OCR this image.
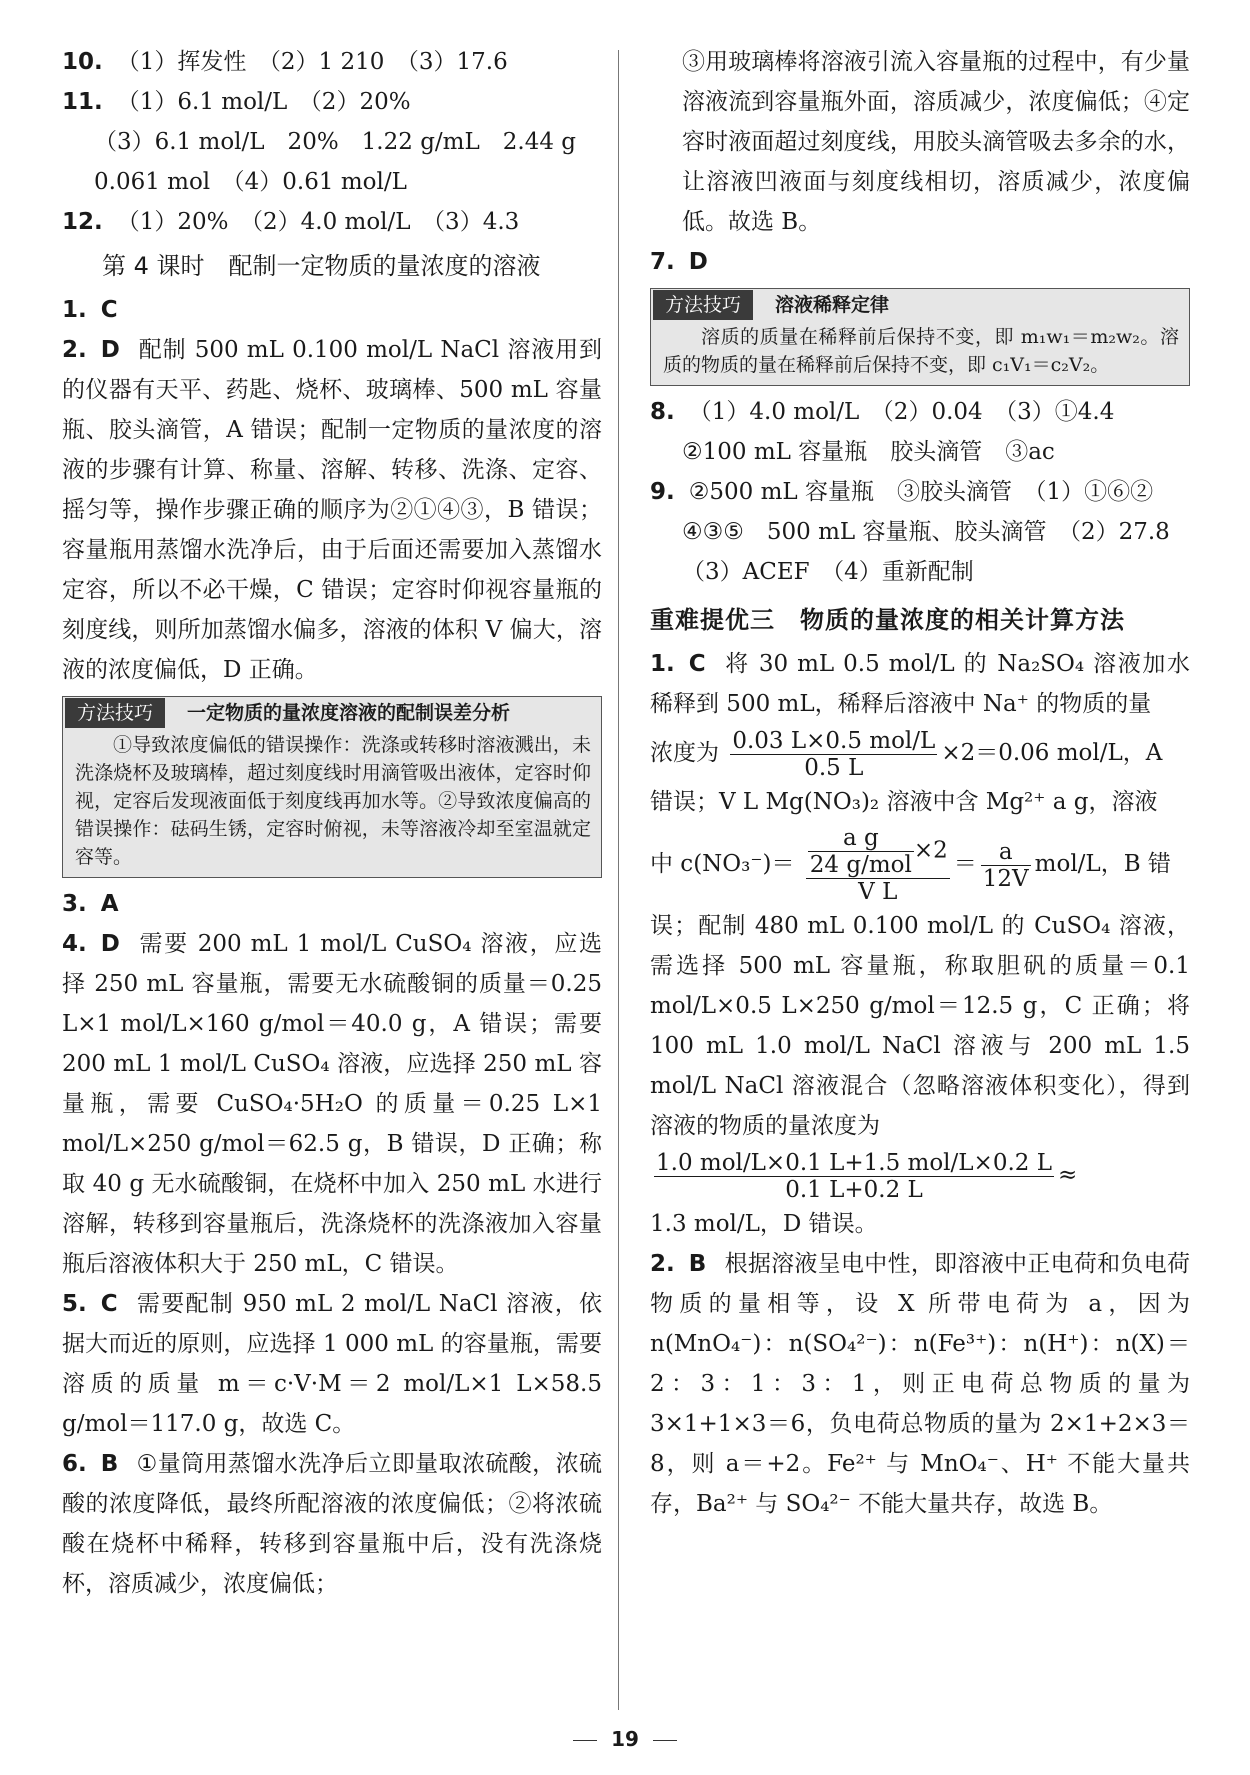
10. （1）挥发性　（2）1 210　（3）17.6

11. （1）6.1 mol/L　（2）20%

（3）6.1 mol/L　20%　1.22 g/mL　2.44 g

0.061 mol　（4）0.61 mol/L

12. （1）20%　（2）4.0 mol/L　（3）4.3

第 4 课时　配制一定物质的量浓度的溶液

1. C

2. D 配制 500 mL 0.100 mol/L NaCl 溶液用到的仪器有天平、药匙、烧杯、玻璃棒、500 mL 容量瓶、胶头滴管，A 错误；配制一定物质的量浓度的溶液的步骤有计算、称量、溶解、转移、洗涤、定容、摇匀等，操作步骤正确的顺序为②①④③，B 错误；容量瓶用蒸馏水洗净后，由于后面还需要加入蒸馏水定容，所以不必干燥，C 错误；定容时仰视容量瓶的刻度线，则所加蒸馏水偏多，溶液的体积 V 偏大，溶液的浓度偏低，D 正确。

方法技巧	一定物质的量浓度溶液的配制误差分析
①导致浓度偏低的错误操作：洗涤或转移时溶液溅出，未洗涤烧杯及玻璃棒，超过刻度线时用滴管吸出液体，定容时仰视，定容后发现液面低于刻度线再加水等。②导致浓度偏高的错误操作：砝码生锈，定容时俯视，未等溶液冷却至室温就定容等。

3. A

4. D 需要 200 mL 1 mol/L CuSO₄ 溶液，应选择 250 mL 容量瓶，需要无水硫酸铜的质量＝0.25 L×1 mol/L×160 g/mol＝40.0 g，A 错误；需要 200 mL 1 mol/L CuSO₄ 溶液，应选择 250 mL 容量瓶，需要 CuSO₄·5H₂O 的质量＝0.25 L×1 mol/L×250 g/mol＝62.5 g，B 错误，D 正确；称取 40 g 无水硫酸铜，在烧杯中加入 250 mL 水进行溶解，转移到容量瓶后，洗涤烧杯的洗涤液加入容量瓶后溶液体积大于 250 mL，C 错误。

5. C 需要配制 950 mL 2 mol/L NaCl 溶液，依据大而近的原则，应选择 1 000 mL 的容量瓶，需要溶质的质量 m＝c·V·M＝2 mol/L×1 L×58.5 g/mol＝117.0 g，故选 C。

6. B ①量筒用蒸馏水洗净后立即量取浓硫酸，浓硫酸的浓度降低，最终所配溶液的浓度偏低；②将浓硫酸在烧杯中稀释，转移到容量瓶中后，没有洗涤烧杯，溶质减少，浓度偏低；

③用玻璃棒将溶液引流入容量瓶的过程中，有少量溶液流到容量瓶外面，溶质减少，浓度偏低；④定容时液面超过刻度线，用胶头滴管吸去多余的水，让溶液凹液面与刻度线相切，溶质减少，浓度偏低。故选 B。

7. D

方法技巧	溶液稀释定律
溶质的质量在稀释前后保持不变，即 m₁w₁＝m₂w₂。溶质的物质的量在稀释前后保持不变，即 c₁V₁＝c₂V₂。

8. （1）4.0 mol/L　（2）0.04　（3）①4.4

②100 mL 容量瓶　胶头滴管　③ac

9. ②500 mL 容量瓶　③胶头滴管　（1）①⑥②

④③⑤　500 mL 容量瓶、胶头滴管　（2）27.8

（3）ACEF　（4）重新配制

重难提优三　物质的量浓度的相关计算方法

1. C 将 30 mL 0.5 mol/L 的 Na₂SO₄ 溶液加水稀释到 500 mL，稀释后溶液中 Na⁺ 的物质的量
浓度为 $\frac{\text{0.03 L×0.5 mol/L}}{0.5 L} \times 2=0.06$ mol/L，A
错误；V L Mg(NO₃)₂ 溶液中含 Mg²⁺ a g，溶液
中 $c(NO_3^-)= \frac{\frac{\text{a g}}{\text{24 g/mol}} \times 2}{\text{V L}} = \frac{a}{12V} mol/L$，B 错
误；配制 480 mL 0.100 mol/L 的 CuSO₄ 溶液，需选择 500 mL 容量瓶，称取胆矾的质量＝0.1 mol/L×0.5 L×250 g/mol＝12.5 g，C 正确；将 100 mL 1.0 mol/L NaCl 溶液与 200 mL 1.5 mol/L NaCl 溶液混合（忽略溶液体积变化），得到溶液的物质的量浓度为
$\frac{\text{1.0 mol/L×0.1 L+1.5 mol/L×0.2 L}}{0.1 L+0.2 L}$ ≈
1.3 mol/L，D 错误。

2. B 根据溶液呈电中性，即溶液中正电荷和负电荷物质的量相等，设 X 所带电荷为 a，因为 n(MnO₄⁻)：n(SO₄²⁻)：n(Fe³⁺)：n(H⁺)：n(X)＝2：3：1：3：1，则正电荷总物质的量为 3×1+1×3＝6，负电荷总物质的量为 2×1+2×3＝8，则 a＝+2。Fe²⁺ 与 MnO₄⁻、H⁺ 不能大量共存，Ba²⁺ 与 SO₄²⁻ 不能大量共存，故选 B。

19
